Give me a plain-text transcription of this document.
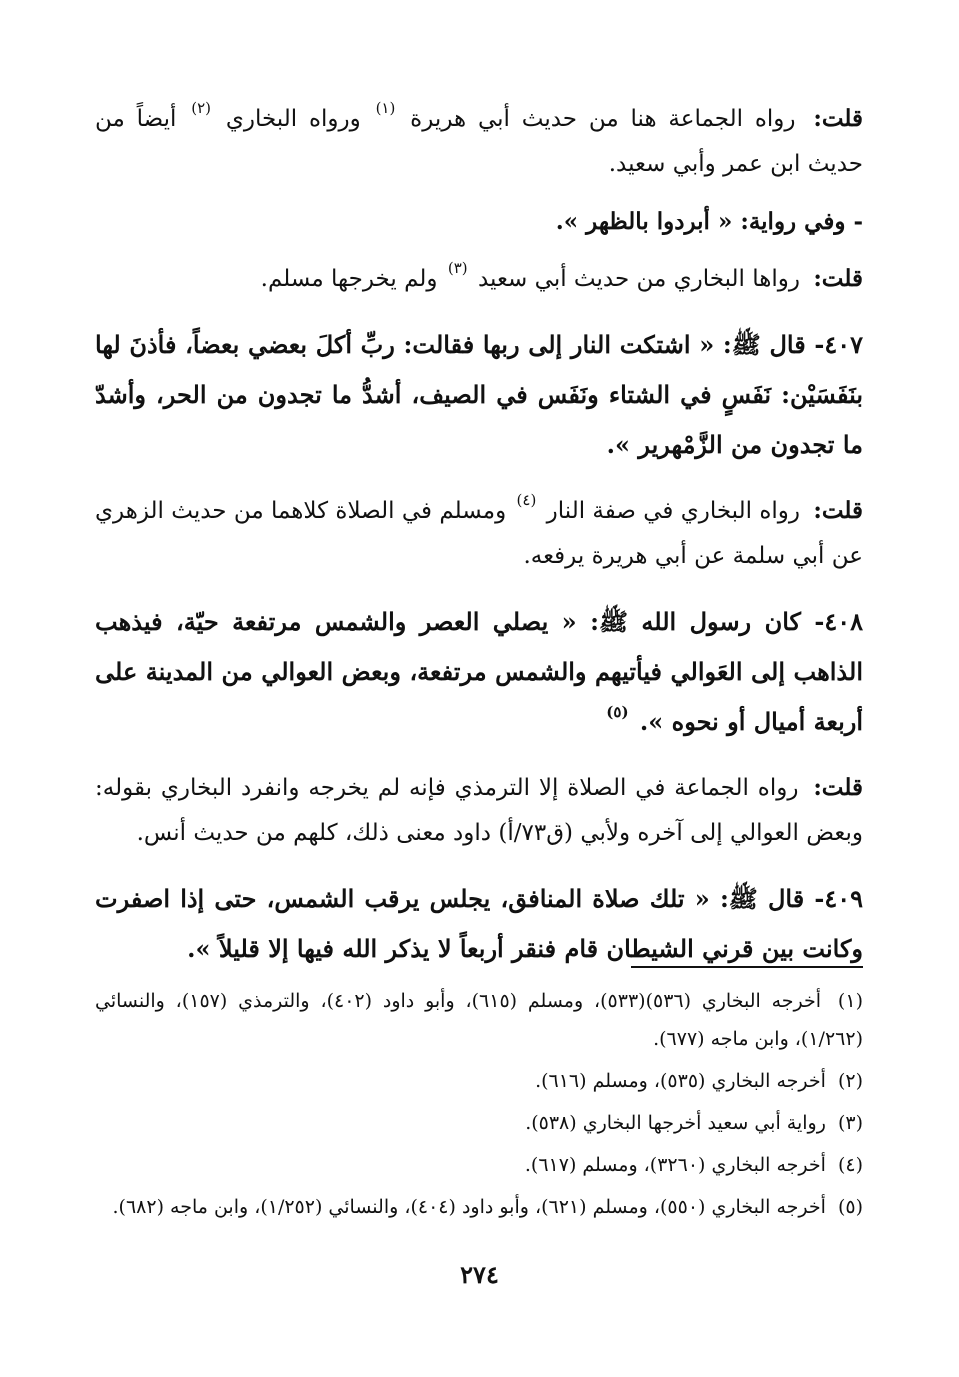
قلت: رواه الجماعة هنا من حديث أبي هريرة $^{(١)}$ ورواه البخاري $^{(٢)}$ أيضاً من حديث ابن عمر وأبي سعيد.

- وفي رواية: « أبردوا بالظهر ».

قلت: رواها البخاري من حديث أبي سعيد $^{(٣)}$ ولم يخرجها مسلم.

٤٠٧- قال ﷺ: « اشتكت النار إلى ربها فقالت: ربِّ أكلَ بعضي بعضاً، فأذنَ لها بنَفَسَيْن: نَفَسٍ في الشتاء ونَفَس في الصيف، أشدُّ ما تجدون من الحر، وأشدّ ما تجدون من الزَّمْهرير ».

قلت: رواه البخاري في صفة النار $^{(٤)}$ ومسلم في الصلاة كلاهما من حديث الزهري عن أبي سلمة عن أبي هريرة يرفعه.

٤٠٨- كان رسول الله ﷺ: « يصلي العصر والشمس مرتفعة حيّة، فيذهب الذاهب إلى العَوالي فيأتيهم والشمس مرتفعة، وبعض العوالي من المدينة على أربعة أميال أو نحوه ». $^{(٥)}$

قلت: رواه الجماعة في الصلاة إلا الترمذي فإنه لم يخرجه وانفرد البخاري بقوله: وبعض العوالي إلى آخره ولأبي (ق٧٣/أ) داود معنى ذلك، كلهم من حديث أنس.

٤٠٩- قال ﷺ: « تلك صلاة المنافق، يجلس يرقب الشمس، حتى إذا اصفرت وكانت بين قرني الشيطان قام فنقر أربعاً لا يذكر الله فيها إلا قليلاً ».

(١) أخرجه البخاري (٥٣٦)(٥٣٣)، ومسلم (٦١٥)، وأبو داود (٤٠٢)، والترمذي (١٥٧)، والنسائي (١/٢٦٢)، وابن ماجه (٦٧٧).

(٢) أخرجه البخاري (٥٣٥)، ومسلم (٦١٦).

(٣) رواية أبي سعيد أخرجها البخاري (٥٣٨).

(٤) أخرجه البخاري (٣٢٦٠)، ومسلم (٦١٧).

(٥) أخرجه البخاري (٥٥٠)، ومسلم (٦٢١)، وأبو داود (٤٠٤)، والنسائي (١/٢٥٢)، وابن ماجه (٦٨٢).

٢٧٤
